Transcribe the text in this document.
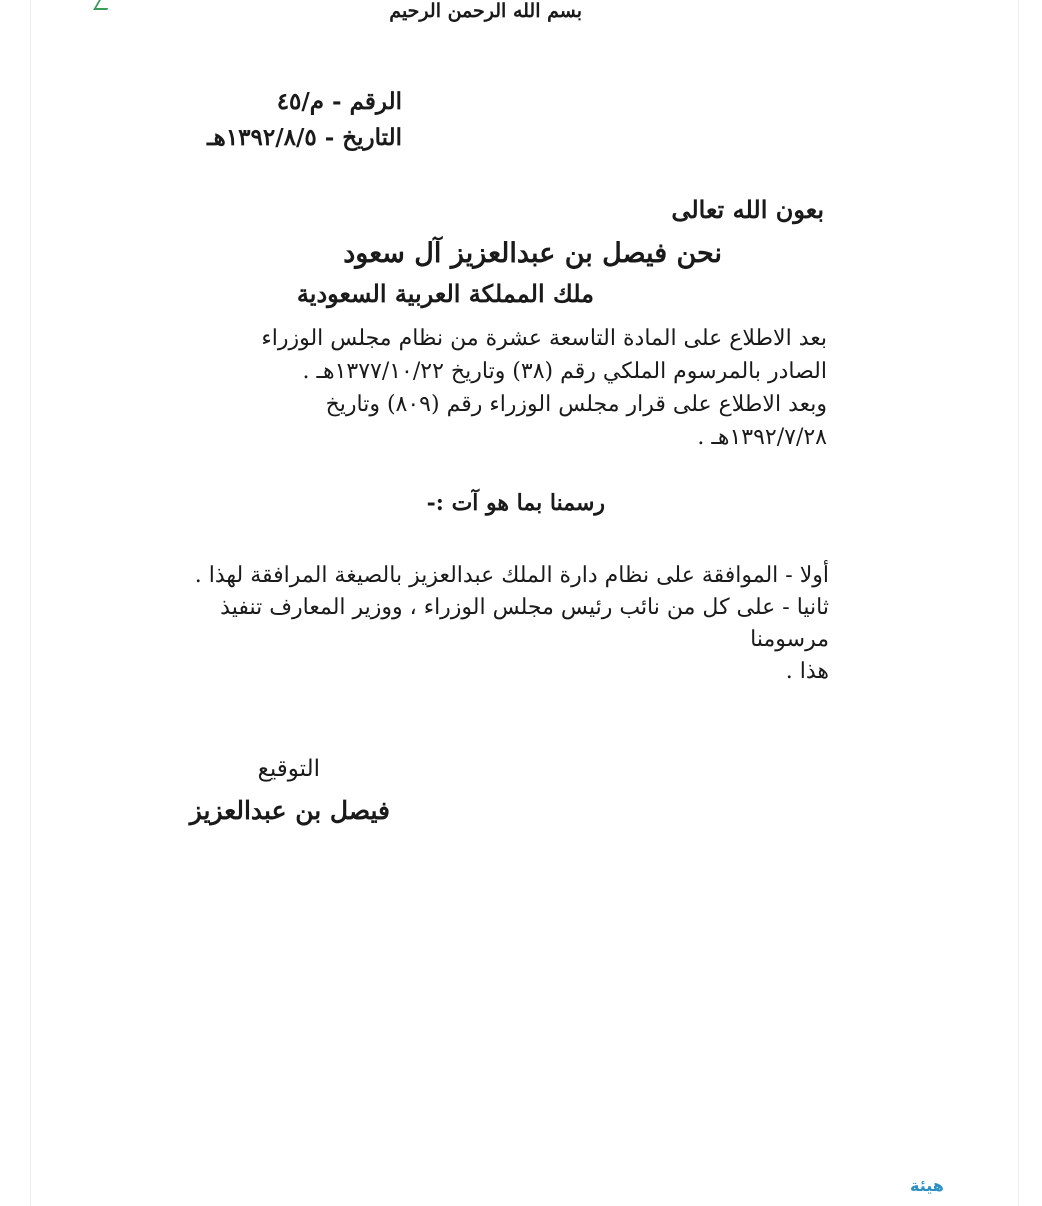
بسم الله الرحمن الرحيم

الرقم - م/٤٥

التاريخ - ١٣٩٢/٨/٥هـ

بعون الله تعالى

نحن فيصل بن عبدالعزيز آل سعود

ملك المملكة العربية السعودية

بعد الاطلاع على المادة التاسعة عشرة من نظام مجلس الوزراء
الصادر بالمرسوم الملكي رقم (٣٨) وتاريخ ١٣٧٧/١٠/٢٢هـ .
وبعد الاطلاع على قرار مجلس الوزراء رقم (٨٠٩) وتاريخ
١٣٩٢/٧/٢٨هـ .

رسمنا بما هو آت :-

أولا - الموافقة على نظام دارة الملك عبدالعزيز بالصيغة المرافقة لهذا .
ثانيا - على كل من نائب رئيس مجلس الوزراء ، ووزير المعارف تنفيذ مرسومنا
هذا .

التوقيع

فيصل بن عبدالعزيز

هيئة
